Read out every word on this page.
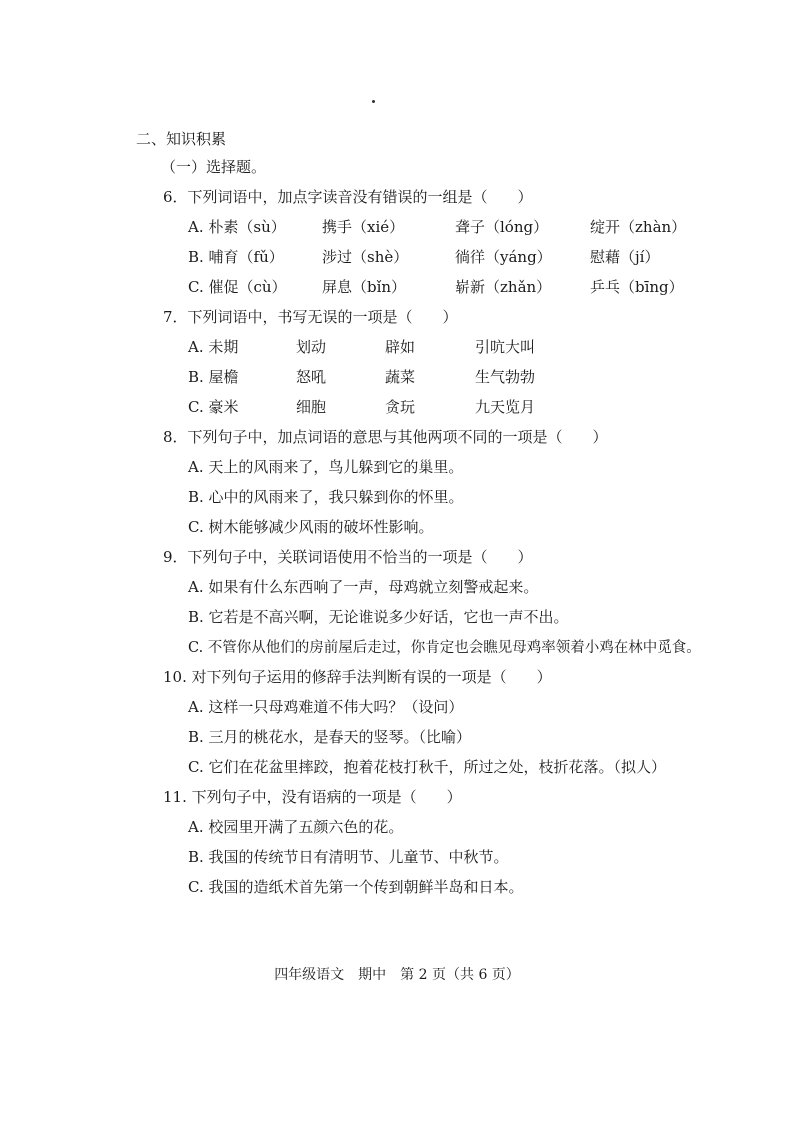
二、知识积累
（一）选择题。
6．下列词语中，加点字读音没有错误的一组是（　　）
A. 朴素（sù） 携手（xié）	聋子（lóng）	绽开（zhàn）
B. 哺育（fǔ）	涉过（shè）	徜徉（yáng）	慰藉（jí）
C. 催促（cù） 屏息（bǐn）	崭新（zhǎn）	乒乓（bīng）
7．下列词语中，书写无误的一项是（　　）
A. 未期	划动	辟如	引吭大叫
B. 屋檐	怒吼	蔬菜	生气勃勃
C. 豪米	细胞	贪玩	九天览月
8．下列句子中，加点词语的意思与其他两项不同的一项是（　　）
A. 天上的风雨来了，鸟儿躲到它的巢里。
B. 心中的风雨来了，我只躲到你的怀里。
C. 树木能够减少风雨的破坏性影响。
9．下列句子中，关联词语使用不恰当的一项是（　　）
A. 如果有什么东西响了一声，母鸡就立刻警戒起来。
B. 它若是不高兴啊，无论谁说多少好话，它也一声不出。
C. 不管你从他们的房前屋后走过，你肯定也会瞧见母鸡率领着小鸡在林中觅食。
10. 对下列句子运用的修辞手法判断有误的一项是（　　）
A. 这样一只母鸡难道不伟大吗？（设问）
B. 三月的桃花水，是春天的竖琴。（比喻）
C. 它们在花盆里摔跤，抱着花枝打秋千，所过之处，枝折花落。（拟人）
11. 下列句子中，没有语病的一项是（　　）
A. 校园里开满了五颜六色的花。
B. 我国的传统节日有清明节、儿童节、中秋节。
C. 我国的造纸术首先第一个传到朝鲜半岛和日本。
四年级语文　期中　第 2 页（共 6 页）
